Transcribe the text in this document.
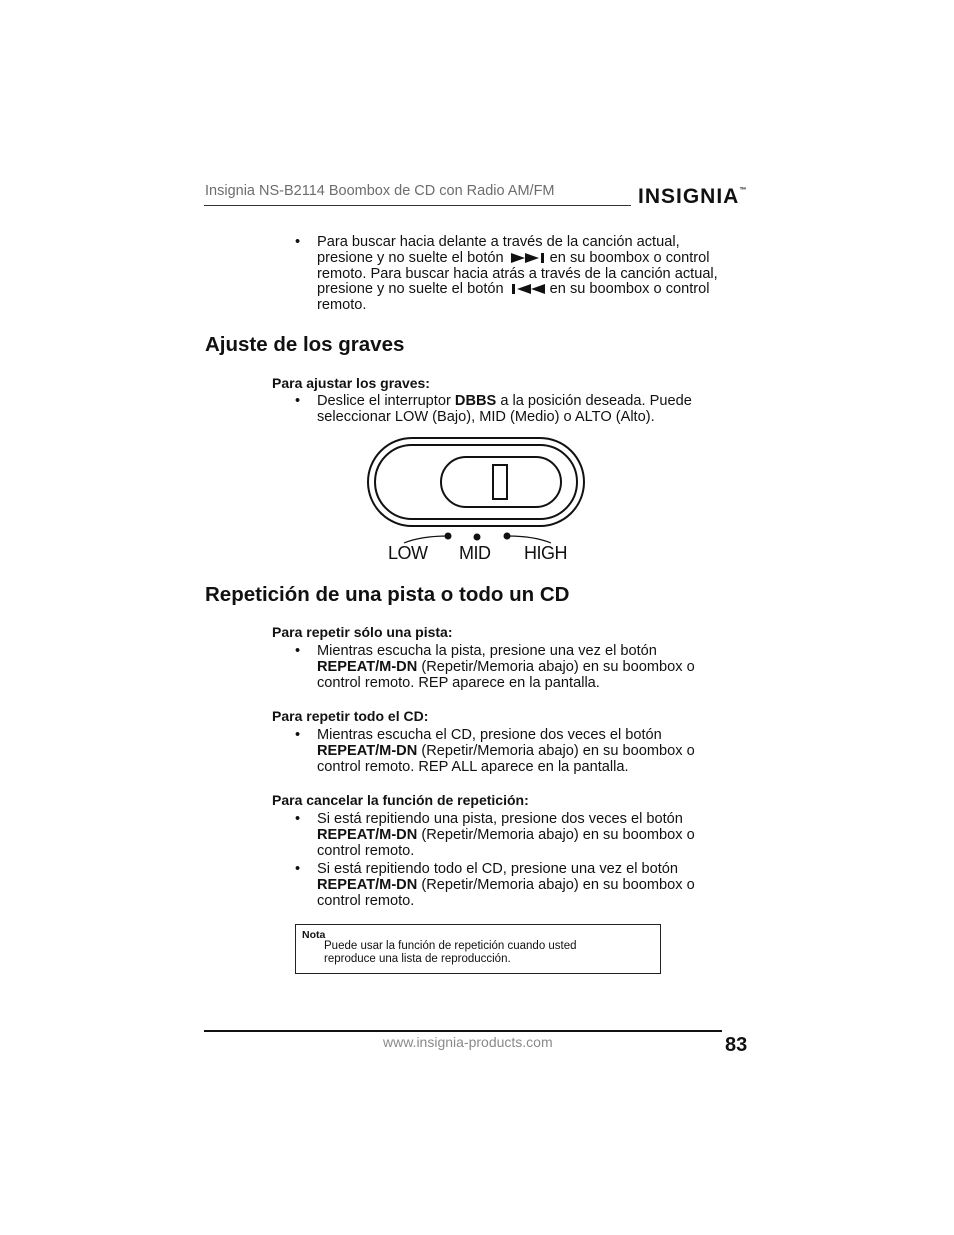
Insignia NS-B2114 Boombox de CD con Radio AM/FM	INSIGNIA™
• Para buscar hacia delante a través de la canción actual,
presione y no suelte el botón	en su boombox o control
remoto. Para buscar hacia atrás a través de la canción actual,
presione y no suelte el botón	en su boombox o control
remoto.
Ajuste de los graves
Para ajustar los graves:
• Deslice el interruptor DBBS a la posición deseada. Puede
seleccionar LOW (Bajo), MID (Medio) o ALTO (Alto).
LOW MID HIGH
Repetición de una pista o todo un CD
Para repetir sólo una pista:
• Mientras escucha la pista, presione una vez el botón
REPEAT/M-DN (Repetir/Memoria abajo) en su boombox o
control remoto. REP aparece en la pantalla.
Para repetir todo el CD:
• Mientras escucha el CD, presione dos veces el botón
REPEAT/M-DN (Repetir/Memoria abajo) en su boombox o
control remoto. REP ALL aparece en la pantalla.
Para cancelar la función de repetición:
• Si está repitiendo una pista, presione dos veces el botón
REPEAT/M-DN (Repetir/Memoria abajo) en su boombox o
control remoto.
• Si está repitiendo todo el CD, presione una vez el botón
REPEAT/M-DN (Repetir/Memoria abajo) en su boombox o
control remoto.
Nota
Puede usar la función de repetición cuando usted
reproduce una lista de reproducción.
www.insignia-products.com	83
